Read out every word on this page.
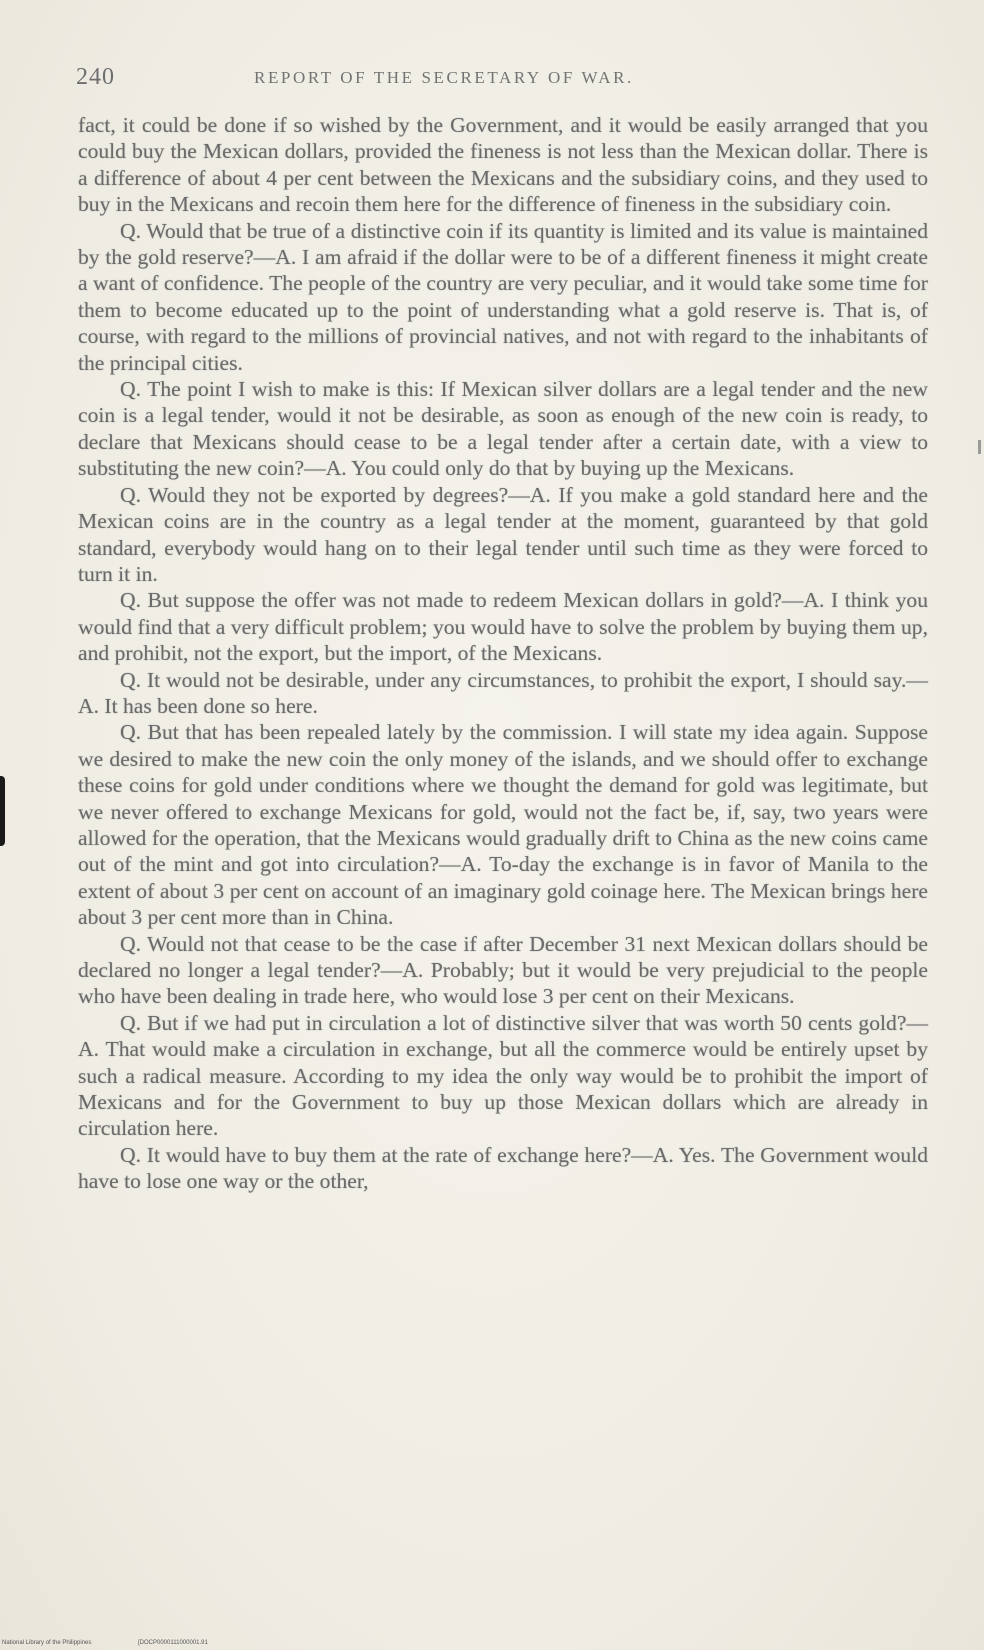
240	REPORT OF THE SECRETARY OF WAR.

fact, it could be done if so wished by the Government, and it would be easily arranged that you could buy the Mexican dollars, provided the fineness is not less than the Mexican dollar. There is a difference of about 4 per cent between the Mexicans and the subsidiary coins, and they used to buy in the Mexicans and recoin them here for the difference of fineness in the subsidiary coin.

Q. Would that be true of a distinctive coin if its quantity is limited and its value is maintained by the gold reserve?—A. I am afraid if the dollar were to be of a different fineness it might create a want of confidence. The people of the country are very peculiar, and it would take some time for them to become educated up to the point of understanding what a gold reserve is. That is, of course, with regard to the millions of provincial natives, and not with regard to the inhabitants of the principal cities.

Q. The point I wish to make is this: If Mexican silver dollars are a legal tender and the new coin is a legal tender, would it not be desirable, as soon as enough of the new coin is ready, to declare that Mexicans should cease to be a legal tender after a certain date, with a view to substituting the new coin?—A. You could only do that by buying up the Mexicans.

Q. Would they not be exported by degrees?—A. If you make a gold standard here and the Mexican coins are in the country as a legal tender at the moment, guaranteed by that gold standard, everybody would hang on to their legal tender until such time as they were forced to turn it in.

Q. But suppose the offer was not made to redeem Mexican dollars in gold?—A. I think you would find that a very difficult problem; you would have to solve the problem by buying them up, and prohibit, not the export, but the import, of the Mexicans.

Q. It would not be desirable, under any circumstances, to prohibit the export, I should say.—A. It has been done so here.

Q. But that has been repealed lately by the commission. I will state my idea again. Suppose we desired to make the new coin the only money of the islands, and we should offer to exchange these coins for gold under conditions where we thought the demand for gold was legitimate, but we never offered to exchange Mexicans for gold, would not the fact be, if, say, two years were allowed for the operation, that the Mexicans would gradually drift to China as the new coins came out of the mint and got into circulation?—A. To-day the exchange is in favor of Manila to the extent of about 3 per cent on account of an imaginary gold coinage here. The Mexican brings here about 3 per cent more than in China.

Q. Would not that cease to be the case if after December 31 next Mexican dollars should be declared no longer a legal tender?—A. Probably; but it would be very prejudicial to the people who have been dealing in trade here, who would lose 3 per cent on their Mexicans.

Q. But if we had put in circulation a lot of distinctive silver that was worth 50 cents gold?—A. That would make a circulation in exchange, but all the commerce would be entirely upset by such a radical measure. According to my idea the only way would be to prohibit the import of Mexicans and for the Government to buy up those Mexican dollars which are already in circulation here.

Q. It would have to buy them at the rate of exchange here?—A. Yes. The Government would have to lose one way or the other,

National Library of the Philippines	[DOCP0000111000001.91
